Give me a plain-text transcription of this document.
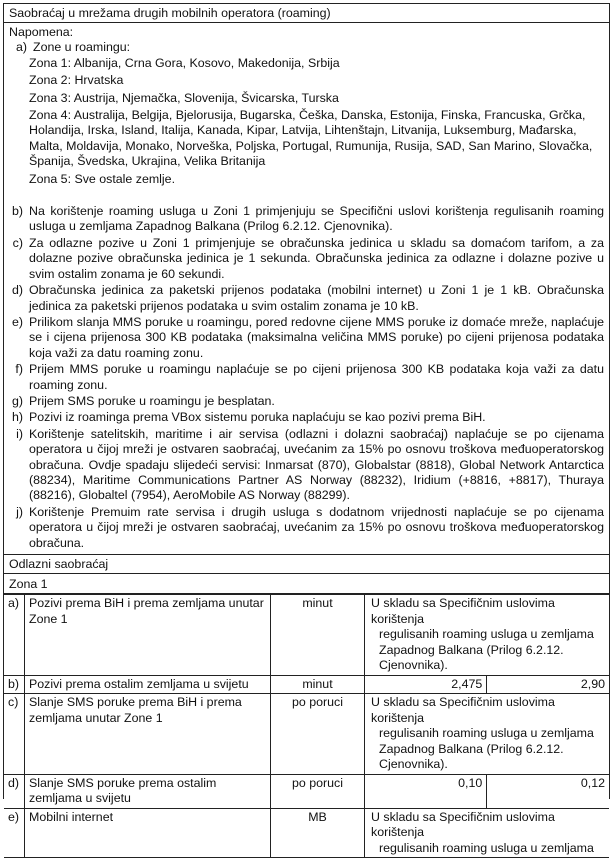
Saobraćaj u mrežama drugih mobilnih operatora (roaming)

Napomena:

a) Zone u roamingu:
Zona 1: Albanija, Crna Gora, Kosovo, Makedonija, Srbija
Zona 2: Hrvatska
Zona 3: Austrija, Njemačka, Slovenija, Švicarska, Turska
Zona 4: Australija, Belgija, Bjelorusija, Bugarska, Češka, Danska, Estonija, Finska, Francuska, Grčka, Holandija, Irska, Island, Italija, Kanada, Kipar, Latvija, Lihtenštajn, Litvanija, Luksemburg, Mađarska, Malta, Moldavija, Monako, Norveška, Poljska, Portugal, Rumunija, Rusija, SAD, San Marino, Slovačka, Španija, Švedska, Ukrajina, Velika Britanija
Zona 5: Sve ostale zemlje.
b) Na korištenje roaming usluga u Zoni 1 primjenjuju se Specifični uslovi korištenja regulisanih roaming usluga u zemljama Zapadnog Balkana (Prilog 6.2.12. Cjenovnika).
c) Za odlazne pozive u Zoni 1 primjenjuje se obračunska jedinica u skladu sa domaćom tarifom, a za dolazne pozive obračunska jedinica je 1 sekunda. Obračunska jedinica za odlazne i dolazne pozive u svim ostalim zonama je 60 sekundi.
d) Obračunska jedinica za paketski prijenos podataka (mobilni internet) u Zoni 1 je 1 kB. Obračunska jedinica za paketski prijenos podataka u svim ostalim zonama je 10 kB.
e) Prilikom slanja MMS poruke u roamingu, pored redovne cijene MMS poruke iz domaće mreže, naplaćuje se i cijena prijenosa 300 KB podataka (maksimalna veličina MMS poruke) po cijeni prijenosa podataka koja važi za datu roaming zonu.
f) Prijem MMS poruke u roamingu naplaćuje se po cijeni prijenosa 300 KB podataka koja važi za datu roaming zonu.
g) Prijem SMS poruke u roamingu je besplatan.
h) Pozivi iz roaminga prema VBox sistemu poruka naplaćuju se kao pozivi prema BiH.
i) Korištenje satelitskih, maritime i air servisa (odlazni i dolazni saobraćaj) naplaćuje se po cijenama operatora u čijoj mreži je ostvaren saobraćaj, uvećanim za 15% po osnovu troškova međuoperatorskog obračuna. Ovdje spadaju slijedeći servisi: Inmarsat (870), Globalstar (8818), Global Network Antarctica (88234), Maritime Communications Partner AS Norway (88232), Iridium (+8816, +8817), Thuraya (88216), Globaltel (7954), AeroMobile AS Norway (88299).
j) Korištenje Premuim rate servisa i drugih usluga s dodatnom vrijednosti naplaćuje se po cijenama operatora u čijoj mreži je ostvaren saobraćaj, uvećanim za 15% po osnovu troškova međuoperatorskog obračuna.
Odlazni saobraćaj
Zona 1
a)	Pozivi prema BiH i prema zemljama unutar Zone 1	minut	U skladu sa Specifičnim uslovima korištenja
regulisanih roaming usluga u zemljama Zapadnog Balkana (Prilog 6.2.12. Cjenovnika).	

b)	Pozivi prema ostalim zemljama u svijetu	minut	2,475	2,90
c)	Slanje SMS poruke prema BiH i prema zemljama unutar Zone 1	po poruci	U skladu sa Specifičnim uslovima korištenja
regulisanih roaming usluga u zemljama Zapadnog Balkana (Prilog 6.2.12. Cjenovnika).	

d)	Slanje SMS poruke prema ostalim zemljama u svijetu	po poruci	0,10	0,12
e)	Mobilni internet	MB	U skladu sa Specifičnim uslovima korištenja
regulisanih roaming usluga u zemljama	
